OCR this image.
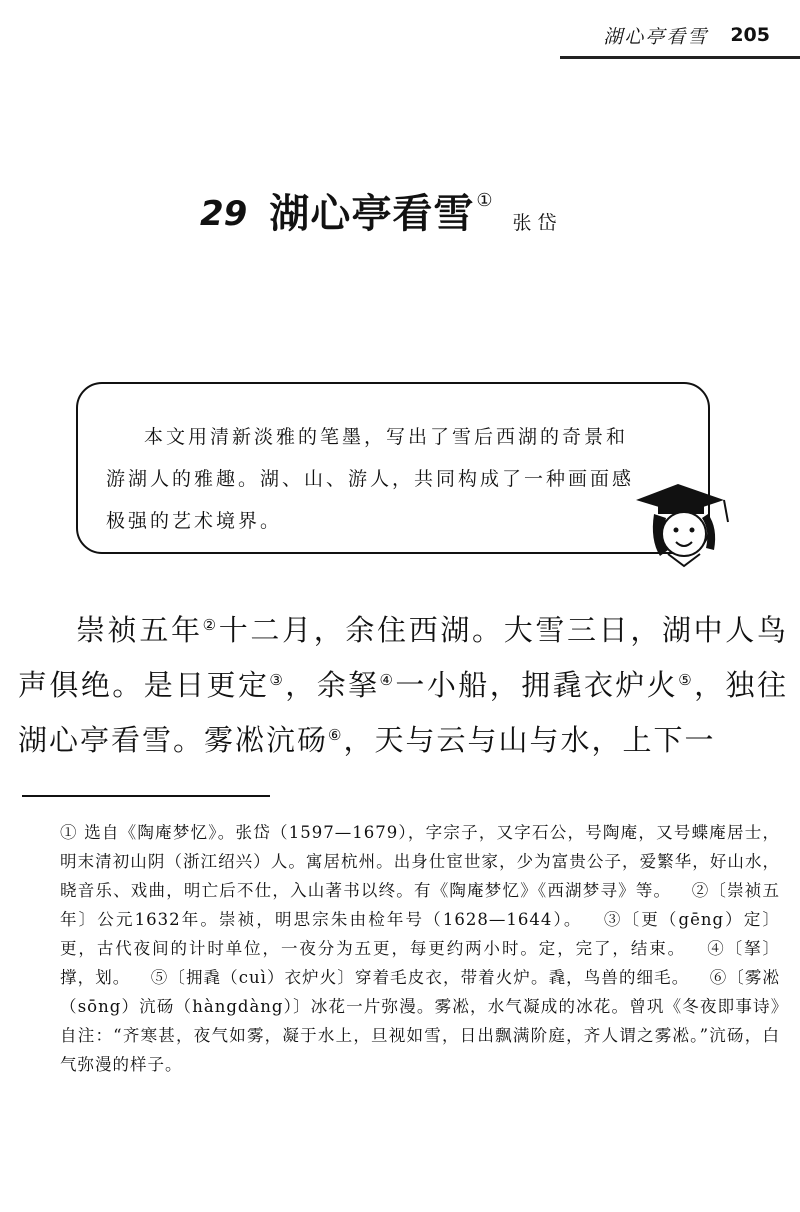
湖心亭看雪 205
29 湖心亭看雪 ①
张岱
本文用清新淡雅的笔墨，写出了雪后西湖的奇景和游湖人的雅趣。湖、山、游人，共同构成了一种画面感极强的艺术境界。

崇祯五年②十二月，余住西湖。大雪三日，湖中人鸟声俱绝。是日更定③，余拏④一小船，拥毳衣炉火⑤，独往湖心亭看雪。雾凇沆砀⑥，天与云与山与水，上下一

① 选自《陶庵梦忆》。张岱（1597—1679），字宗子，又字石公，号陶庵，又号蝶庵居士，明末清初山阴（浙江绍兴）人。寓居杭州。出身仕宦世家，少为富贵公子，爱繁华，好山水，晓音乐、戏曲，明亡后不仕，入山著书以终。有《陶庵梦忆》《西湖梦寻》等。 ②〔崇祯五年〕公元1632年。崇祯，明思宗朱由检年号（1628—1644）。 ③〔更（gēng）定〕更，古代夜间的计时单位，一夜分为五更，每更约两小时。定，完了，结束。 ④〔拏〕撑，划。 ⑤〔拥毳（cuì）衣炉火〕穿着毛皮衣，带着火炉。毳，鸟兽的细毛。 ⑥〔雾凇（sōng）沆砀（hàngdàng）〕冰花一片弥漫。雾凇，水气凝成的冰花。曾巩《冬夜即事诗》自注：“齐寒甚，夜气如雾，凝于水上，旦视如雪，日出飘满阶庭，齐人谓之雾凇。”沆砀，白气弥漫的样子。
